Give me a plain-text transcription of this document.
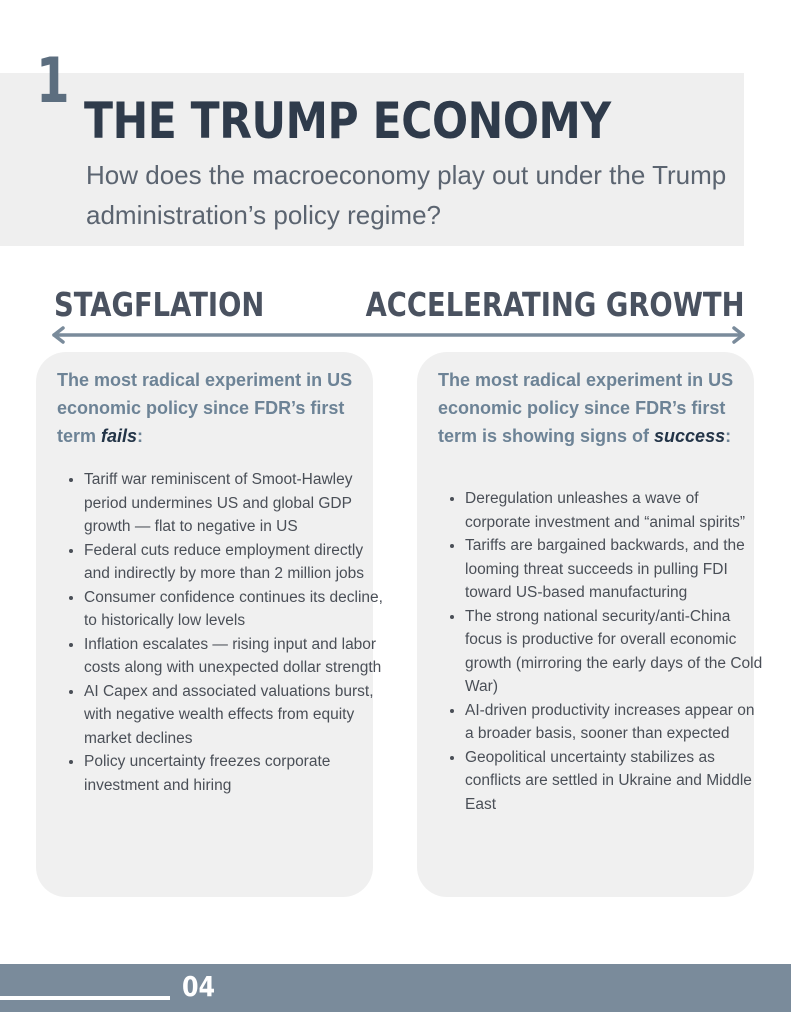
1
THE TRUMP ECONOMY

How does the macroeconomy play out under the Trump administration’s policy regime?

STAGFLATION	ACCELERATING GROWTH
The most radical experiment in US economic policy since FDR’s first term fails:
• Tariff war reminiscent of Smoot-Hawley period undermines US and global GDP growth — flat to negative in US
• Federal cuts reduce employment directly and indirectly by more than 2 million jobs
• Consumer confidence continues its decline, to historically low levels
• Inflation escalates — rising input and labor costs along with unexpected dollar strength
• AI Capex and associated valuations burst, with negative wealth effects from equity market declines
• Policy uncertainty freezes corporate investment and hiring
The most radical experiment in US economic policy since FDR’s first term is showing signs of success:
• Deregulation unleashes a wave of corporate investment and “animal spirits”
• Tariffs are bargained backwards, and the looming threat succeeds in pulling FDI toward US-based manufacturing
• The strong national security/anti-China focus is productive for overall economic growth (mirroring the early days of the Cold War)
• AI-driven productivity increases appear on a broader basis, sooner than expected
• Geopolitical uncertainty stabilizes as conflicts are settled in Ukraine and Middle East
04
